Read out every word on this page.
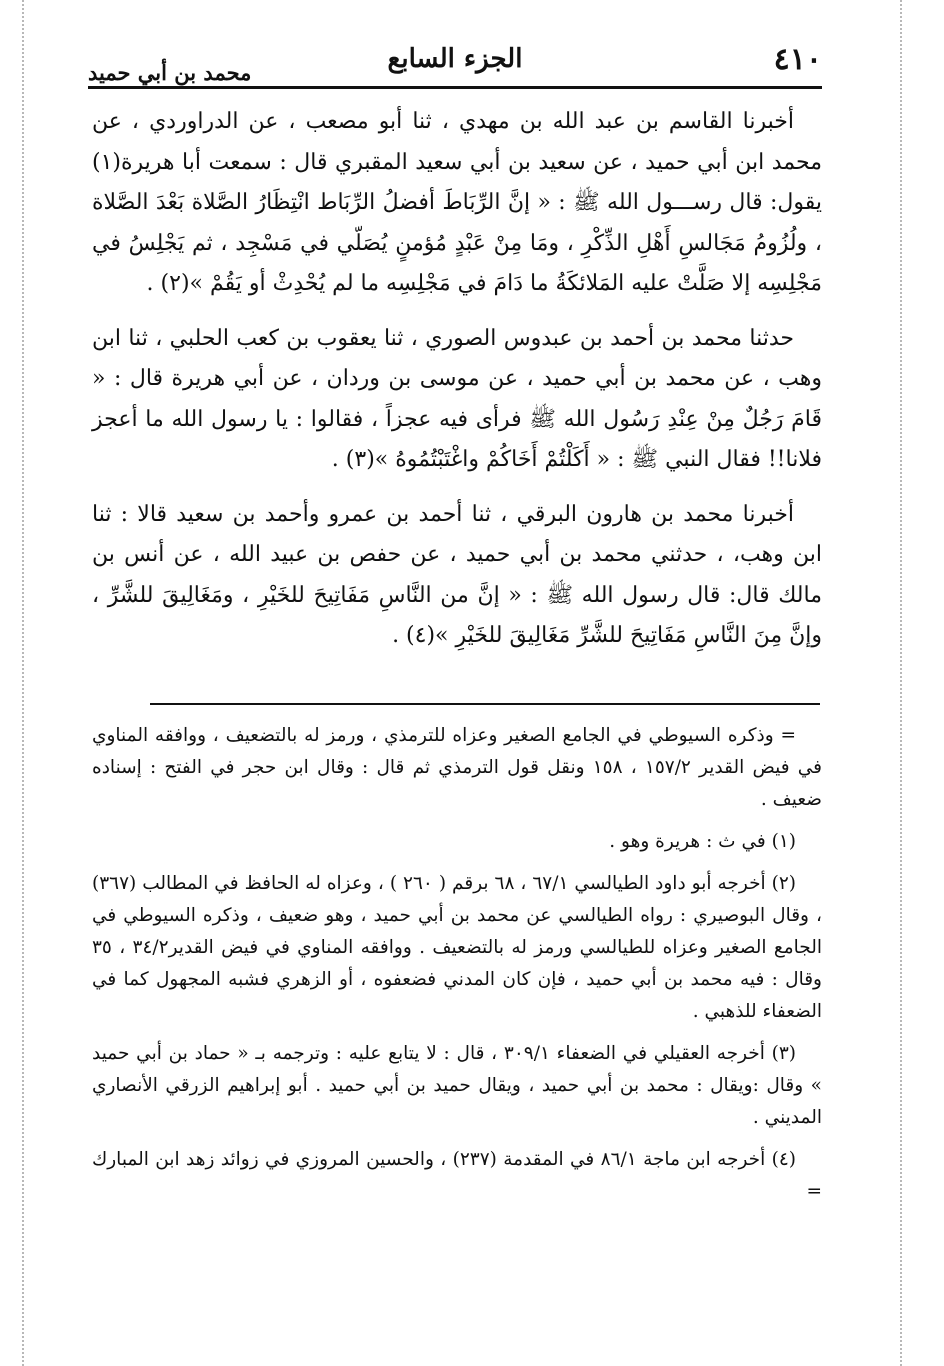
٤١٠
الجزء السابع
محمد بن أبي حميد

أخبرنا القاسم بن عبد الله بن مهدي ، ثنا أبو مصعب ، عن الدراوردي ، عن محمد ابن أبي حميد ، عن سعيد بن أبي سعيد المقبري قال : سمعت أبا هريرة(١) يقول: قال رســـول الله ﷺ : « إنَّ الرِّبَاطَ أفضلُ الرِّبَاط انْتِظَارُ الصَّلاة بَعْدَ الصَّلاة ، ولُزُومُ مَجَالسِ أَهْلِ الذِّكْرِ ، ومَا مِنْ عَبْدٍ مُؤمنٍ يُصَلّي في مَسْجِد ، ثم يَجْلِسُ في مَجْلِسِه إلا صَلَّتْ عليه المَلائكَةُ ما دَامَ في مَجْلِسِه ما لم يُحْدِثْ أو يَقُمْ »(٢) .

حدثنا محمد بن أحمد بن عبدوس الصوري ، ثنا يعقوب بن كعب الحلبي ، ثنا ابن وهب ، عن محمد بن أبي حميد ، عن موسى بن وردان ، عن أبي هريرة قال : « قَامَ رَجُلٌ مِنْ عِنْدِ رَسُول الله ﷺ فرأى فيه عجزاً ، فقالوا : يا رسول الله ما أعجز فلانا!! فقال النبي ﷺ : « أَكَلْتُمْ أَخَاكُمْ واغْتَبْتُمُوهُ »(٣) .

أخبرنا محمد بن هارون البرقي ، ثنا أحمد بن عمرو وأحمد بن سعيد قالا : ثنا ابن وهب، ، حدثني محمد بن أبي حميد ، عن حفص بن عبيد الله ، عن أنس بن مالك قال: قال رسول الله ﷺ : « إنَّ من النَّاسِ مَفَاتِيحَ للخَيْرِ ، ومَغَالِيقَ للشَّرِّ ، وإنَّ مِنَ النَّاسِ مَفَاتِيحَ للشَّرِّ مَغَالِيقَ للخَيْرِ »(٤) .

= وذكره السيوطي في الجامع الصغير وعزاه للترمذي ، ورمز له بالتضعيف ، ووافقه المناوي في فيض القدير ١٥٧/٢ ، ١٥٨ ونقل قول الترمذي ثم قال : وقال ابن حجر في الفتح : إسناده ضعيف .

(١) في ث : هريرة وهو .

(٢) أخرجه أبو داود الطيالسي ٦٧/١ ، ٦٨ برقم ( ٢٦٠ ) ، وعزاه له الحافظ في المطالب (٣٦٧) ، وقال البوصيري : رواه الطيالسي عن محمد بن أبي حميد ، وهو ضعيف ، وذكره السيوطي في الجامع الصغير وعزاه للطيالسي ورمز له بالتضعيف . ووافقه المناوي في فيض القدير٣٤/٢ ، ٣٥ وقال : فيه محمد بن أبي حميد ، فإن كان المدني فضعفوه ، أو الزهري فشبه المجهول كما في الضعفاء للذهبي .

(٣) أخرجه العقيلي في الضعفاء ٣٠٩/١ ، قال : لا يتابع عليه : وترجمه بـ « حماد بن أبي حميد » وقال :ويقال : محمد بن أبي حميد ، ويقال حميد بن أبي حميد . أبو إبراهيم الزرقي الأنصاري المديني .

(٤) أخرجه ابن ماجة ٨٦/١ في المقدمة (٢٣٧) ، والحسين المروزي في زوائد زهد ابن المبارك =
